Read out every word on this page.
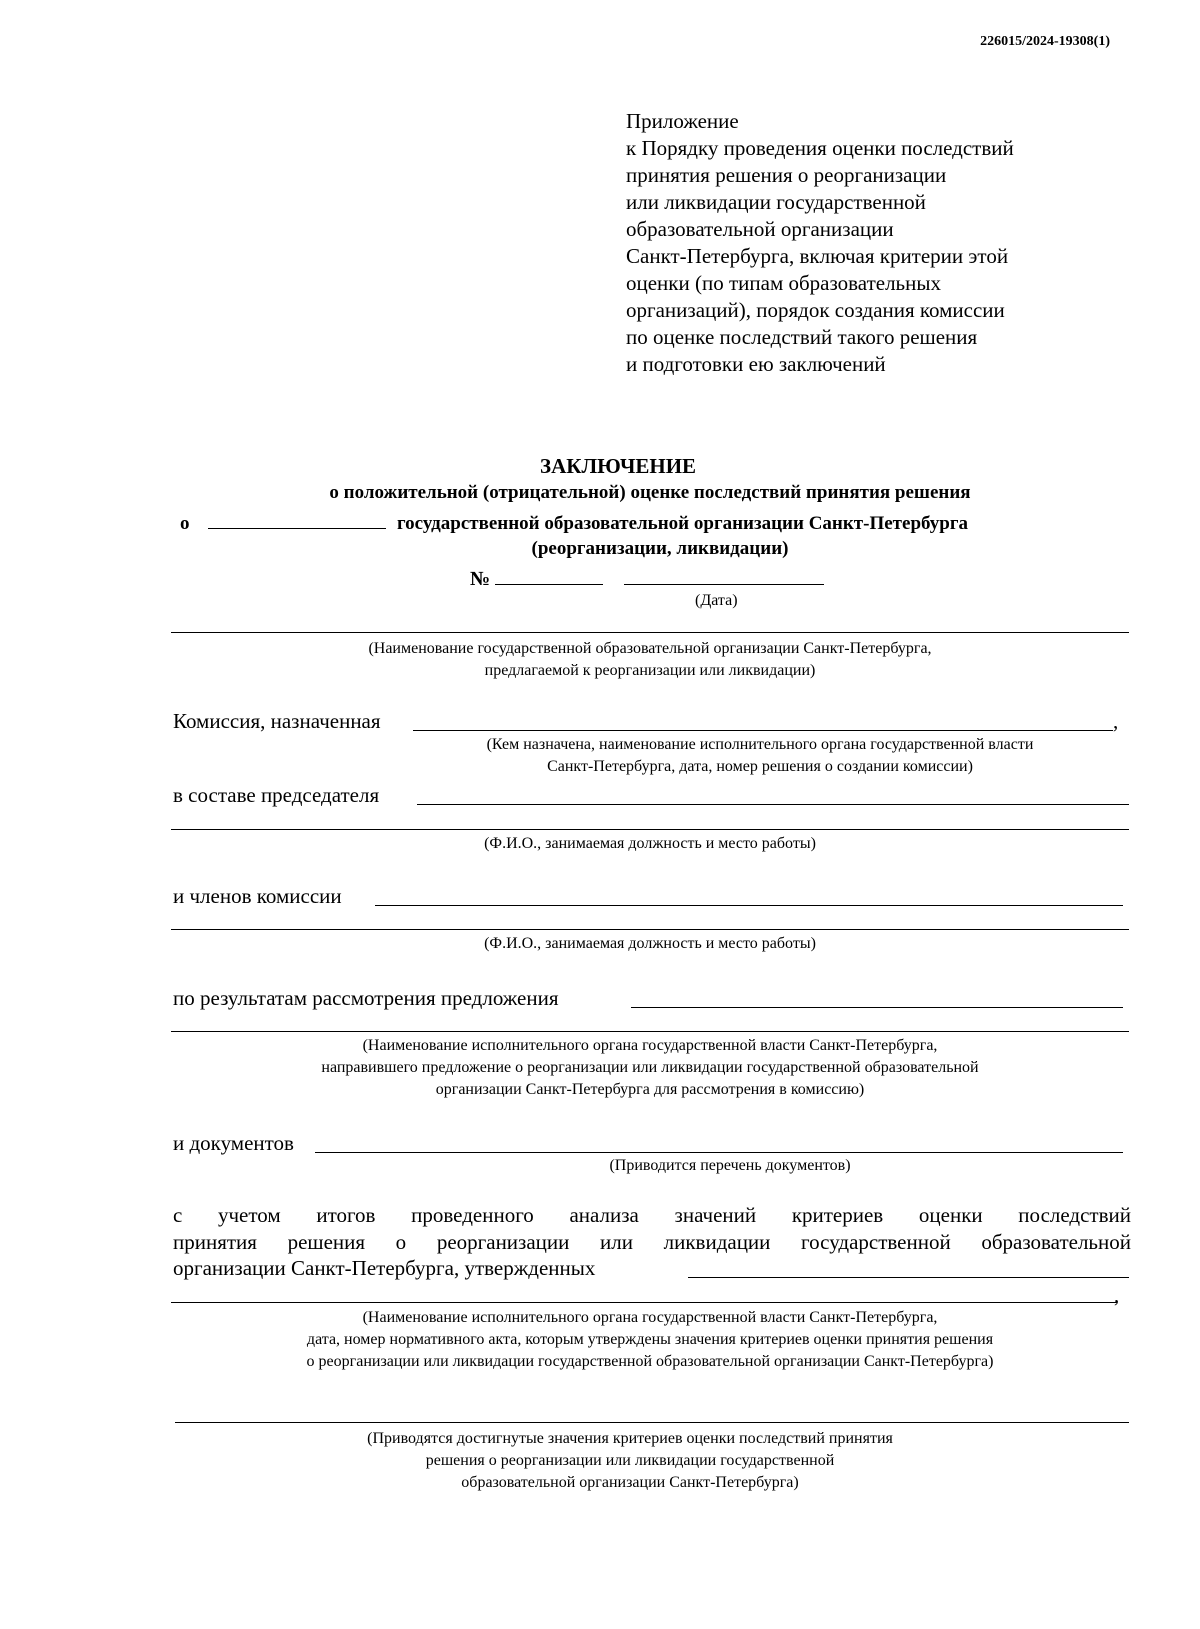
226015/2024-19308(1)
Приложение
к Порядку проведения оценки последствий
принятия решения о реорганизации
или ликвидации государственной
образовательной организации
Санкт-Петербурга, включая критерии этой
оценки (по типам образовательных
организаций), порядок создания комиссии
по оценке последствий такого решения
и подготовки ею заключений
ЗАКЛЮЧЕНИЕ
о положительной (отрицательной) оценке последствий принятия решения
о	государственной образовательной организации Санкт-Петербурга
(реорганизации, ликвидации)
№
(Дата)
(Наименование государственной образовательной организации Санкт-Петербурга,
предлагаемой к реорганизации или ликвидации)
Комиссия, назначенная	,
(Кем назначена, наименование исполнительного органа государственной власти
Санкт-Петербурга, дата, номер решения о создании комиссии)
в составе председателя
(Ф.И.О., занимаемая должность и место работы)
и членов комиссии
(Ф.И.О., занимаемая должность и место работы)
по результатам рассмотрения предложения
(Наименование исполнительного органа государственной власти Санкт-Петербурга,
направившего предложение о реорганизации или ликвидации государственной образовательной
организации Санкт-Петербурга для рассмотрения в комиссию)
и документов
(Приводится перечень документов)
с учетом итогов проведенного анализа значений критериев оценки последствий
принятия решения о реорганизации или ликвидации государственной образовательной
организации Санкт-Петербурга, утвержденных
,
(Наименование исполнительного органа государственной власти Санкт-Петербурга,
дата, номер нормативного акта, которым утверждены значения критериев оценки принятия решения
о реорганизации или ликвидации государственной образовательной организации Санкт-Петербурга)
(Приводятся достигнутые значения критериев оценки последствий принятия
решения о реорганизации или ликвидации государственной
образовательной организации Санкт-Петербурга)
